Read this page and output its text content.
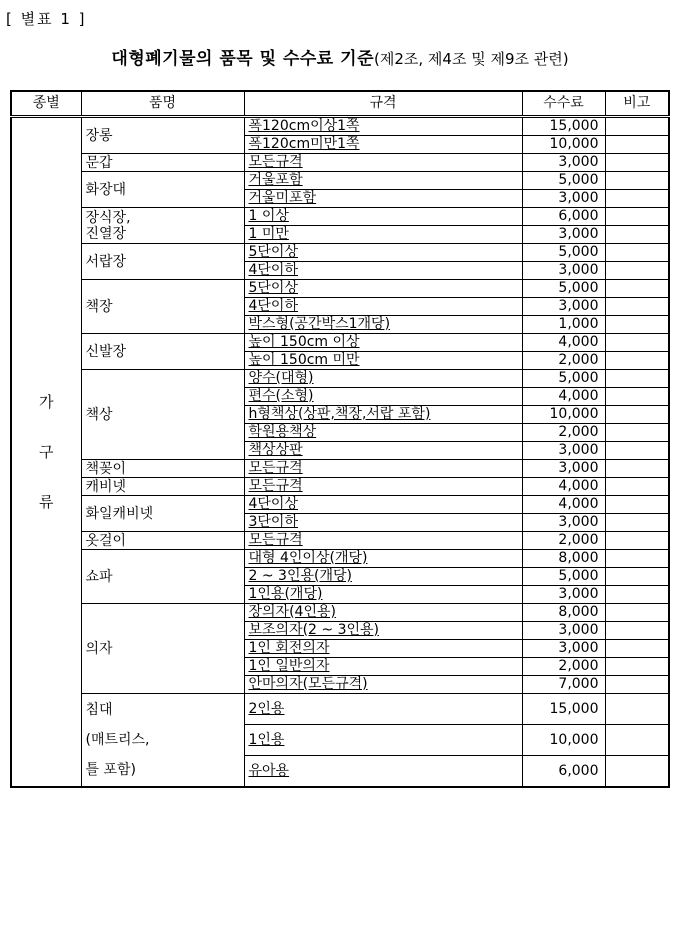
[ 별표 1 ]
대형폐기물의 품목 및 수수료 기준(제2조, 제4조 및 제9조 관련)
종별	품명	규격	수수료	비고
가

구

류	장롱	폭120cm이상1쪽	15,000	
		폭120cm미만1쪽	10,000	
	문갑	모든규격	3,000	
	화장대	거울포함	5,000	
		거울미포함	3,000	
	장식장,
진열장	1 이상	6,000	
		1 미만	3,000	
	서랍장	5단이상	5,000	
		4단이하	3,000	
	책장	5단이상	5,000	
		4단이하	3,000	
		박스형(공간박스1개당)	1,000	
	신발장	높이 150cm 이상	4,000	
		높이 150cm 미만	2,000	
	책상	양수(대형)	5,000	
		편수(소형)	4,000	
		h형책상(상판,책장,서랍 포함)	10,000	
		학원용책상	2,000	
		책상상판	3,000	
	책꽂이	모든규격	3,000	
	캐비넷	모든규격	4,000	
	화일캐비넷	4단이상	4,000	
		3단이하	3,000	
	옷걸이	모든규격	2,000	
	쇼파	대형 4인이상(개당)	8,000	
		2 ~ 3인용(개당)	5,000	
		1인용(개당)	3,000	
	의자	장의자(4인용)	8,000	
		보조의자(2 ~ 3인용)	3,000	
		1인 회전의자	3,000	
		1인 일반의자	2,000	
		안마의자(모든규격)	7,000	
	침대
(매트리스,
틀 포함)	2인용	15,000	
		1인용	10,000	
		유아용	6,000	
